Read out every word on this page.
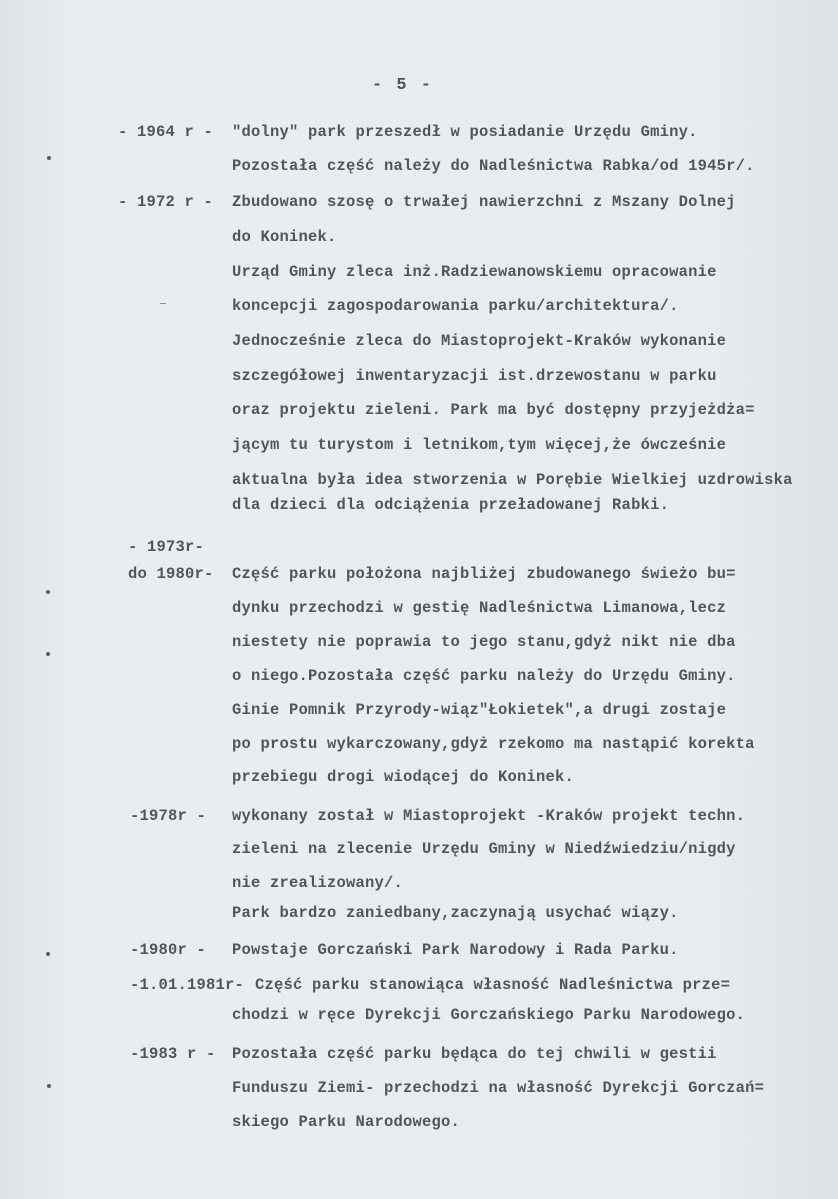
- 5 -
- 1964 r - "dolny" park przeszedł w posiadanie Urzędu Gminy.
Pozostała część należy do Nadleśnictwa Rabka/od 1945r/.
- 1972 r - Zbudowano szosę o trwałej nawierzchni z Mszany Dolnej
do Koninek.
Urząd Gminy zleca inż.Radziewanowskiemu opracowanie
koncepcji zagospodarowania parku/architektura/.
Jednocześnie zleca do Miastoprojekt-Kraków wykonanie
szczegółowej inwentaryzacji ist.drzewostanu w parku
oraz projektu zieleni. Park ma być dostępny przyjeżdża=
jącym tu turystom i letnikom,tym więcej,że ówcześnie
aktualna była idea stworzenia w Porębie Wielkiej uzdrowiska
dla dzieci dla odciążenia przeładowanej Rabki.
- 1973r-
do 1980r- Część parku położona najbliżej zbudowanego świeżo bu=
dynku przechodzi w gestię Nadleśnictwa Limanowa,lecz
niestety nie poprawia to jego stanu,gdyż nikt nie dba
o niego.Pozostała część parku należy do Urzędu Gminy.
Ginie Pomnik Przyrody-wiąz"Łokietek",a drugi zostaje
po prostu wykarczowany,gdyż rzekomo ma nastąpić korekta
przebiegu drogi wiodącej do Koninek.
-1978r - wykonany został w Miastoprojekt -Kraków projekt techn.
zieleni na zlecenie Urzędu Gminy w Niedźwiedziu/nigdy
nie zrealizowany/.
Park bardzo zaniedbany,zaczynają usychać wiązy.
-1980r - Powstaje Gorczański Park Narodowy i Rada Parku.
-1.01.1981r- Część parku stanowiąca własność Nadleśnictwa prze=
chodzi w ręce Dyrekcji Gorczańskiego Parku Narodowego.
-1983 r - Pozostała część parku będąca do tej chwili w gestii
Funduszu Ziemi- przechodzi na własność Dyrekcji Gorczań=
skiego Parku Narodowego.
